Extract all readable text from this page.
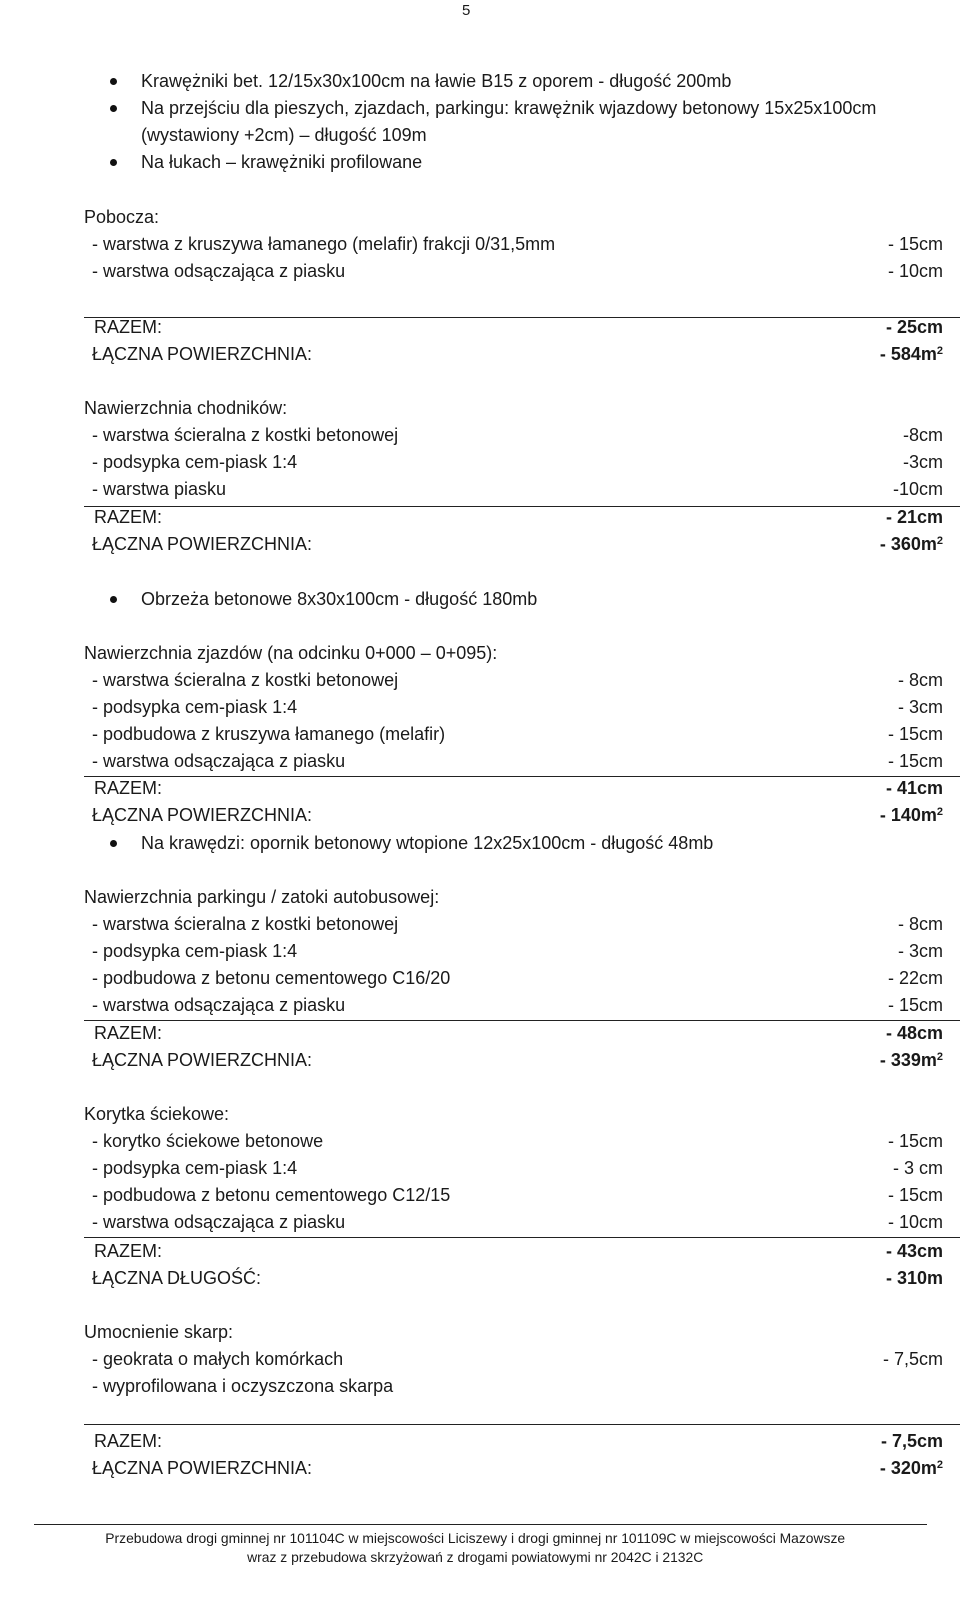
5
Krawężniki bet. 12/15x30x100cm na ławie B15 z oporem - długość 200mb
Na przejściu dla pieszych, zjazdach, parkingu: krawężnik wjazdowy betonowy 15x25x100cm
(wystawiony +2cm) – długość 109m
Na łukach – krawężniki profilowane
Pobocza:
- warstwa z kruszywa łamanego (melafir) frakcji 0/31,5mm	- 15cm
- warstwa odsączająca z piasku	- 10cm
RAZEM:	- 25cm
ŁĄCZNA POWIERZCHNIA:	- $584m^2$
Nawierzchnia chodników:
- warstwa ścieralna z kostki betonowej	-8cm
- podsypka cem-piask 1:4	-3cm
- warstwa piasku	-10cm
RAZEM:	- 21cm
ŁĄCZNA POWIERZCHNIA:	- $360m^2$
Obrzeża betonowe 8x30x100cm - długość 180mb
Nawierzchnia zjazdów (na odcinku 0+000 – 0+095):
- warstwa ścieralna z kostki betonowej	- 8cm
- podsypka cem-piask 1:4	- 3cm
- podbudowa z kruszywa łamanego (melafir)	- 15cm
- warstwa odsączająca z piasku	- 15cm
RAZEM:	- 41cm
ŁĄCZNA POWIERZCHNIA:	- $140m^2$
Na krawędzi: opornik betonowy wtopione 12x25x100cm - długość 48mb
Nawierzchnia parkingu / zatoki autobusowej:
- warstwa ścieralna z kostki betonowej	- 8cm
- podsypka cem-piask 1:4	- 3cm
- podbudowa z betonu cementowego C16/20	- 22cm
- warstwa odsączająca z piasku	- 15cm
RAZEM:	- 48cm
ŁĄCZNA POWIERZCHNIA:	- $339m^2$
Korytka ściekowe:
- korytko ściekowe betonowe	- 15cm
- podsypka cem-piask 1:4	- 3 cm
- podbudowa z betonu cementowego C12/15	- 15cm
- warstwa odsączająca z piasku	- 10cm
RAZEM:	- 43cm
ŁĄCZNA DŁUGOŚĆ:	- 310m
Umocnienie skarp:
- geokrata o małych komórkach	- 7,5cm
- wyprofilowana i oczyszczona skarpa
RAZEM:	- 7,5cm
ŁĄCZNA POWIERZCHNIA:	- $320m^2$
Przebudowa drogi gminnej nr 101104C w miejscowości Liciszewy i drogi gminnej nr 101109C w miejscowości Mazowsze
wraz z przebudowa skrzyżowań z drogami powiatowymi nr 2042C i 2132C
